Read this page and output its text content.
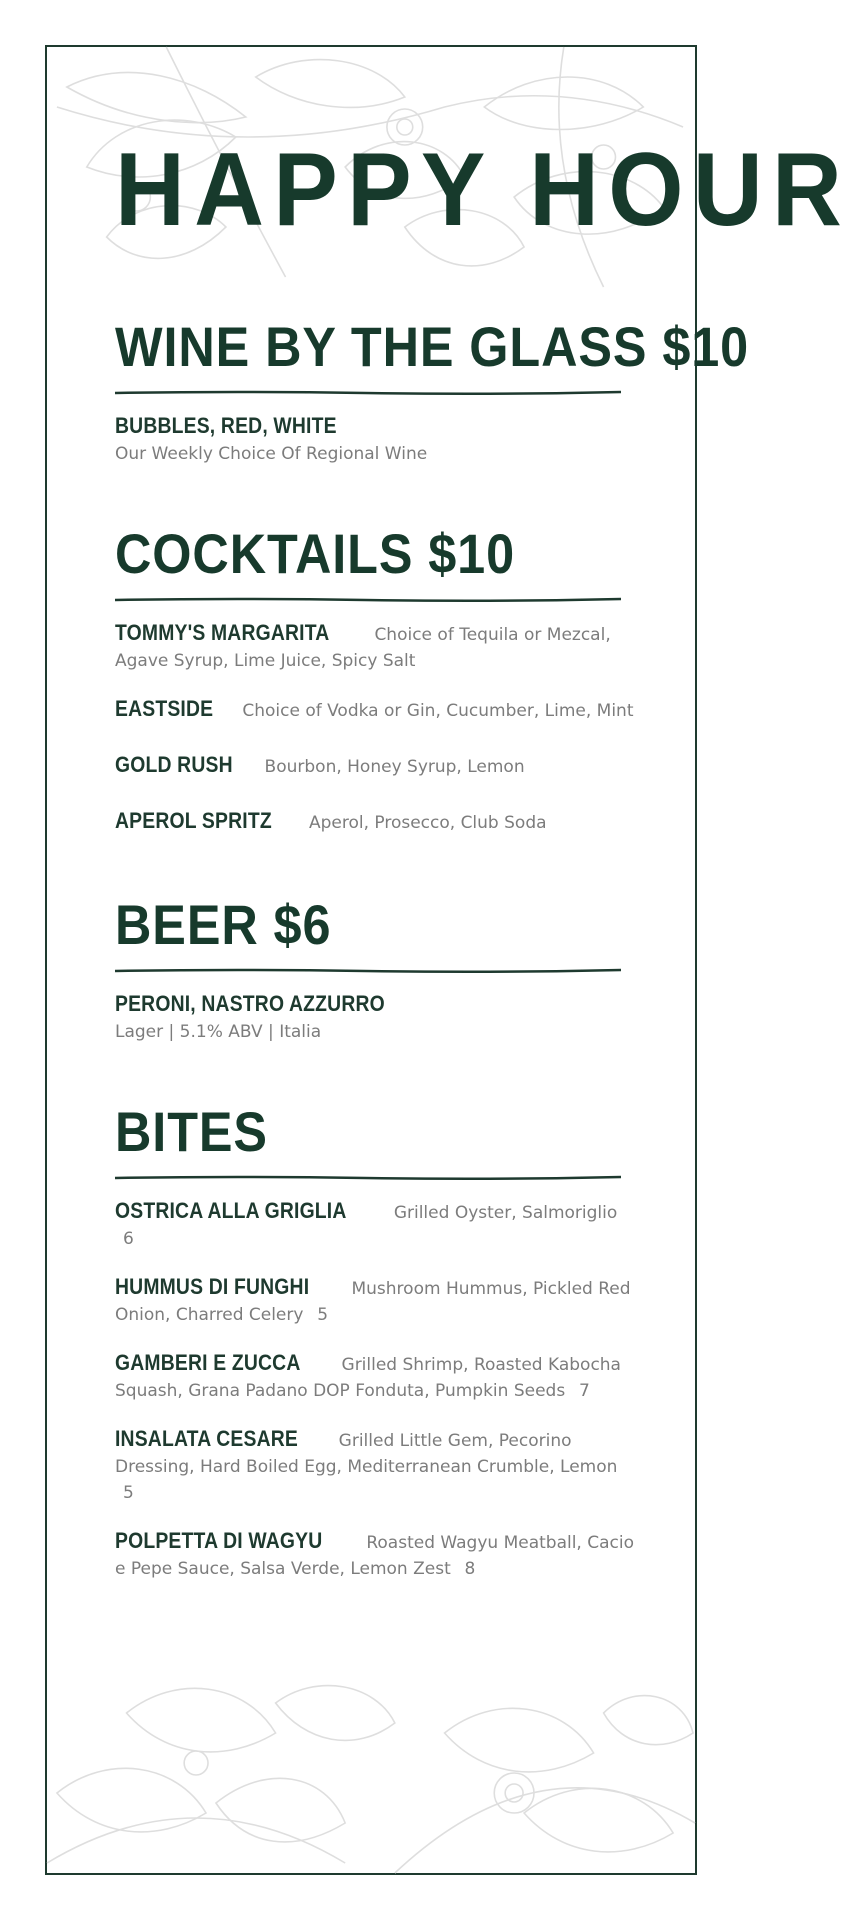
HAPPY HOUR
WINE BY THE GLASS $10
BUBBLES, RED, WHITE
Our Weekly Choice Of Regional Wine
COCKTAILS $10
TOMMY'S MARGARITA	Choice of Tequila or Mezcal, Agave Syrup, Lime Juice, Spicy Salt
EASTSIDE Choice of Vodka or Gin, Cucumber, Lime, Mint
GOLD RUSH Bourbon, Honey Syrup, Lemon
APEROL SPRITZ Aperol, Prosecco, Club Soda
BEER $6
PERONI, NASTRO AZZURRO
Lager | 5.1% ABV | Italia
BITES
OSTRICA ALLA GRIGLIA	Grilled Oyster, Salmoriglio 6
HUMMUS DI FUNGHI Mushroom Hummus, Pickled Red Onion, Charred Celery 5
GAMBERI E ZUCCA Grilled Shrimp, Roasted Kabocha Squash, Grana Padano DOP Fonduta, Pumpkin Seeds 7
INSALATA CESARE Grilled Little Gem, Pecorino Dressing, Hard Boiled Egg, Mediterranean Crumble, Lemon 5
POLPETTA DI WAGYU	Roasted Wagyu Meatball, Cacio e Pepe Sauce, Salsa Verde, Lemon Zest 8
